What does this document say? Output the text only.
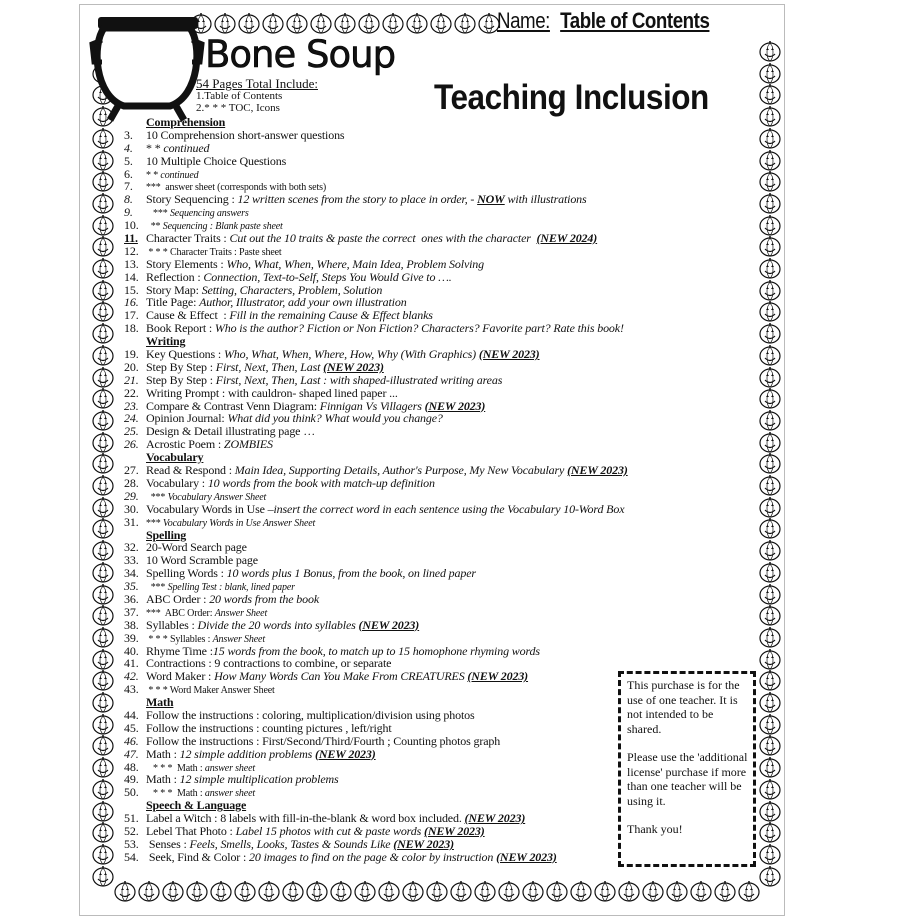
Name: Table of Contents
Bone Soup
Teaching Inclusion
54 Pages Total Include:
1.Table of Contents
2.* * * TOC, Icons
Comprehension
3. 10 Comprehension short-answer questions
4. * * continued
5. 10 Multiple Choice Questions
6. * * continued
7. ***  answer sheet (corresponds with both sets)
8. Story Sequencing : 12 written scenes from the story to place in order, - NOW with illustrations
9.   *** Sequencing answers
10.  ** Sequencing : Blank paste sheet
11. Character Traits : Cut out the 10 traits & paste the correct  ones with the character  (NEW 2024)
12. * * * Character Traits : Paste sheet
13. Story Elements : Who, What, When, Where, Main Idea, Problem Solving
14. Reflection : Connection, Text-to-Self, Steps You Would Give to ….
15. Story Map: Setting, Characters, Problem, Solution
16. Title Page: Author, Illustrator, add your own illustration
17. Cause & Effect  : Fill in the remaining Cause & Effect blanks
18. Book Report : Who is the author? Fiction or Non Fiction? Characters? Favorite part? Rate this book!
Writing
19. Key Questions : Who, What, When, Where, How, Why (With Graphics) (NEW 2023)
20. Step By Step : First, Next, Then, Last (NEW 2023)
21. Step By Step : First, Next, Then, Last : with shaped-illustrated writing areas
22. Writing Prompt : with cauldron- shaped lined paper ...
23. Compare & Contrast Venn Diagram: Finnigan Vs Villagers (NEW 2023)
24. Opinion Journal: What did you think? What would you change?
25. Design & Detail illustrating page …
26. Acrostic Poem : ZOMBIES
Vocabulary
27. Read & Respond : Main Idea, Supporting Details, Author's Purpose, My New Vocabulary (NEW 2023)
28. Vocabulary : 10 words from the book with match-up definition
29.  *** Vocabulary Answer Sheet
30. Vocabulary Words in Use –insert the correct word in each sentence using the Vocabulary 10-Word Box
31. *** Vocabulary Words in Use Answer Sheet
Spelling
32. 20-Word Search page
33. 10 Word Scramble page
34. Spelling Words : 10 words plus 1 Bonus, from the book, on lined paper
35.  *** Spelling Test : blank, lined paper
36. ABC Order : 20 words from the book
37. ***  ABC Order: Answer Sheet
38. Syllables : Divide the 20 words into syllables (NEW 2023)
39. * * * Syllables : Answer Sheet
40. Rhyme Time :15 words from the book, to match up to 15 homophone rhyming words
41. Contractions : 9 contractions to combine, or separate
42. Word Maker : How Many Words Can You Make From CREATURES (NEW 2023)
43. * * * Word Maker Answer Sheet
Math
44. Follow the instructions : coloring, multiplication/division using photos
45. Follow the instructions : counting pictures , left/right
46. Follow the instructions : First/Second/Third/Fourth ; Counting photos graph
47. Math : 12 simple addition problems (NEW 2023)
48.   * * *  Math : answer sheet
49. Math : 12 simple multiplication problems
50.   * * *  Math : answer sheet
Speech & Language
51. Label a Witch : 8 labels with fill-in-the-blank & word box included. (NEW 2023)
52. Lebel That Photo : Label 15 photos with cut & paste words (NEW 2023)
53. Senses : Feels, Smells, Looks, Tastes & Sounds Like (NEW 2023)
54. Seek, Find & Color : 20 images to find on the page & color by instruction (NEW 2023)
This purchase is for the use of one teacher. It is not intended to be shared.
Please use the 'additional license' purchase if more than one teacher will be using it.
Thank you!
